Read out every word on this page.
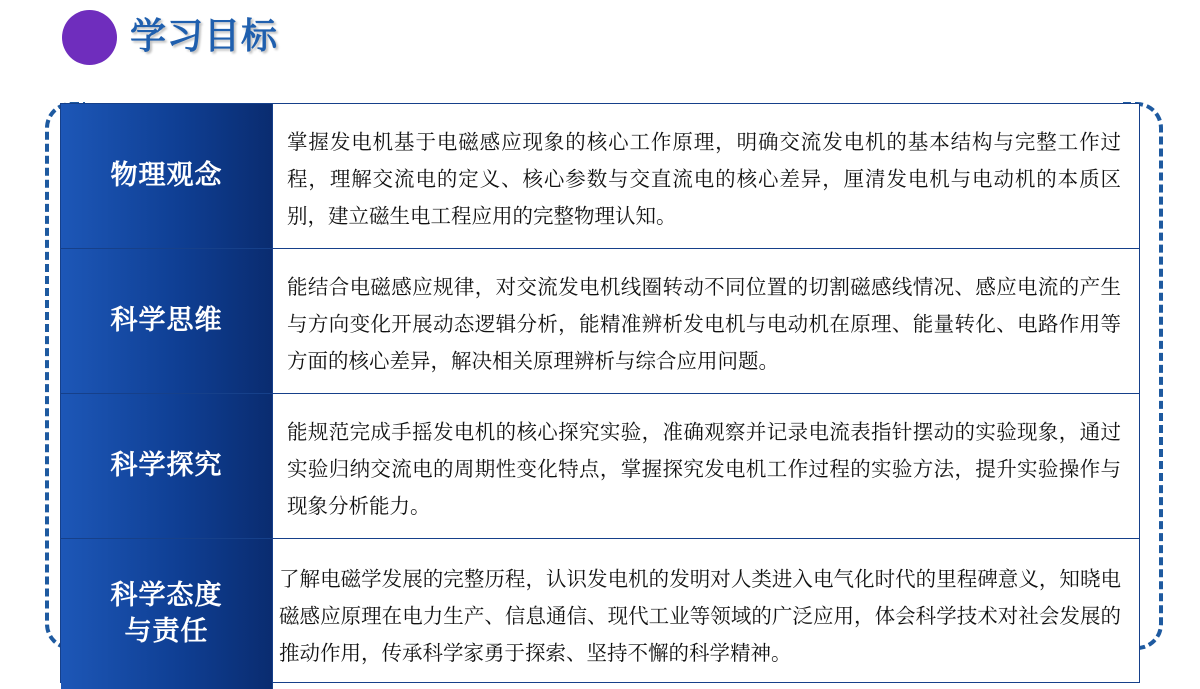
学习目标
物理观念
掌握发电机基于电磁感应现象的核心工作原理，明确交流发电机的基本结构与完整工作过程，理解交流电的定义、核心参数与交直流电的核心差异，厘清发电机与电动机的本质区别，建立磁生电工程应用的完整物理认知。
科学思维
能结合电磁感应规律，对交流发电机线圈转动不同位置的切割磁感线情况、感应电流的产生与方向变化开展动态逻辑分析，能精准辨析发电机与电动机在原理、能量转化、电路作用等方面的核心差异，解决相关原理辨析与综合应用问题。
科学探究
能规范完成手摇发电机的核心探究实验，准确观察并记录电流表指针摆动的实验现象，通过实验归纳交流电的周期性变化特点，掌握探究发电机工作过程的实验方法，提升实验操作与现象分析能力。
科学态度
与责任
了解电磁学发展的完整历程，认识发电机的发明对人类进入电气化时代的里程碑意义，知晓电磁感应原理在电力生产、信息通信、现代工业等领域的广泛应用，体会科学技术对社会发展的推动作用，传承科学家勇于探索、坚持不懈的科学精神。
